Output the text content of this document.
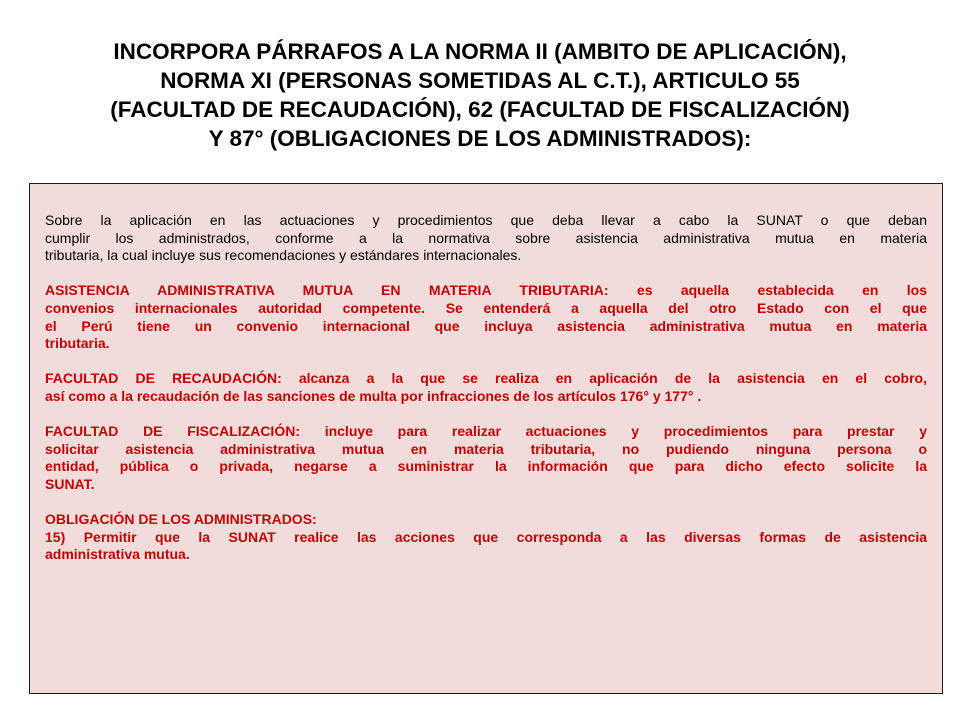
INCORPORA PÁRRAFOS A LA NORMA II (AMBITO DE APLICACIÓN),
NORMA XI (PERSONAS SOMETIDAS AL C.T.), ARTICULO 55
(FACULTAD DE RECAUDACIÓN), 62 (FACULTAD DE FISCALIZACIÓN)
Y 87° (OBLIGACIONES DE LOS ADMINISTRADOS):

Sobre la aplicación en las actuaciones y procedimientos que deba llevar a cabo la SUNAT o que deban
cumplir los administrados, conforme a la normativa sobre asistencia administrativa mutua en materia
tributaria, la cual incluye sus recomendaciones y estándares internacionales.

ASISTENCIA ADMINISTRATIVA MUTUA EN MATERIA TRIBUTARIA: es aquella establecida en los
convenios internacionales autoridad competente. Se entenderá a aquella del otro Estado con el que
el Perú tiene un convenio internacional que incluya asistencia administrativa mutua en materia
tributaria.

FACULTAD DE RECAUDACIÓN: alcanza a la que se realiza en aplicación de la asistencia en el cobro,
así como a la recaudación de las sanciones de multa por infracciones de los artículos 176° y 177° .

FACULTAD DE FISCALIZACIÓN: incluye para realizar actuaciones y procedimientos para prestar y
solicitar asistencia administrativa mutua en materia tributaria, no pudiendo ninguna persona o
entidad, pública o privada, negarse a suministrar la información que para dicho efecto solicite la
SUNAT.

OBLIGACIÓN DE LOS ADMINISTRADOS:
15) Permitir que la SUNAT realice las acciones que corresponda a las diversas formas de asistencia
administrativa mutua.
